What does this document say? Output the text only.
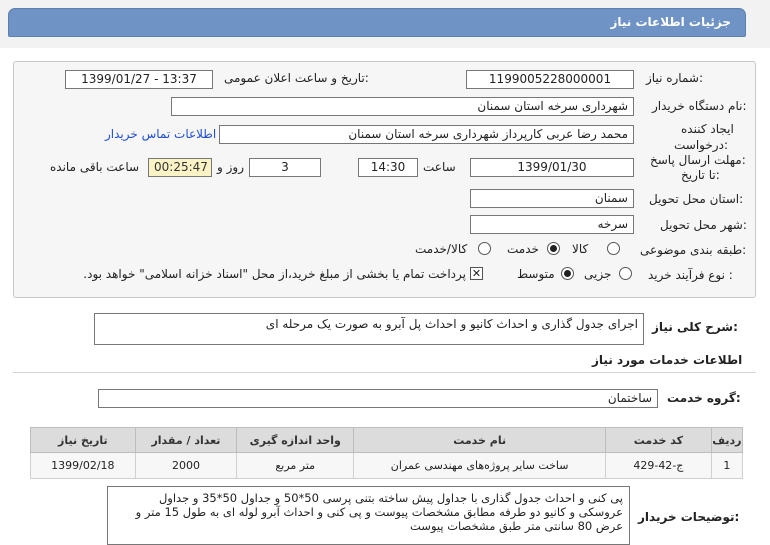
جزئیات اطلاعات نیاز
شماره نیاز:
1199005228000001
تاریخ و ساعت اعلان عمومی:
1399/01/27 - 13:37
نام دستگاه خریدار:
شهرداری سرخه استان سمنان
ایجاد کننده
درخواست:
محمد رضا عربی کارپرداز شهرداری سرخه استان سمنان
اطلاعات تماس خریدار
مهلت ارسال پاسخ:
تا تاریخ:
1399/01/30
ساعت
14:30
3
روز و
00:25:47
ساعت باقی مانده
استان محل تحویل:
سمنان
شهر محل تحویل:
سرخه
طبقه بندی موضوعی:
کالا
خدمت
کالا/خدمت
نوع فرآیند خرید :
جزیی
متوسط
✕
پرداخت تمام یا بخشی از مبلغ خرید،از محل "اسناد خزانه اسلامی" خواهد بود.
شرح کلی نیاز:
اجرای جدول گذاری و احداث کانیو و احداث پل آبرو به صورت یک مرحله ای
اطلاعات خدمات مورد نیاز
گروه خدمت:
ساختمان
ردیف	کد خدمت	نام خدمت	واحد اندازه گیری	تعداد / مقدار	تاریخ نیاز
1	ج-42-429	ساخت سایر پروژه‌های مهندسی عمران	متر مربع	2000	1399/02/18
توضیحات خریدار:
پی کنی و احداث جدول گذاری با جداول پیش ساخته بتنی پرسی 50*50 و جداول 50*35 و جداول عروسکی و کانیو دو طرفه مطابق مشخصات پیوست و پی کنی و احداث آبرو لوله ای به طول 15 متر و عرض 80 سانتی متر طبق مشخصات پیوست
